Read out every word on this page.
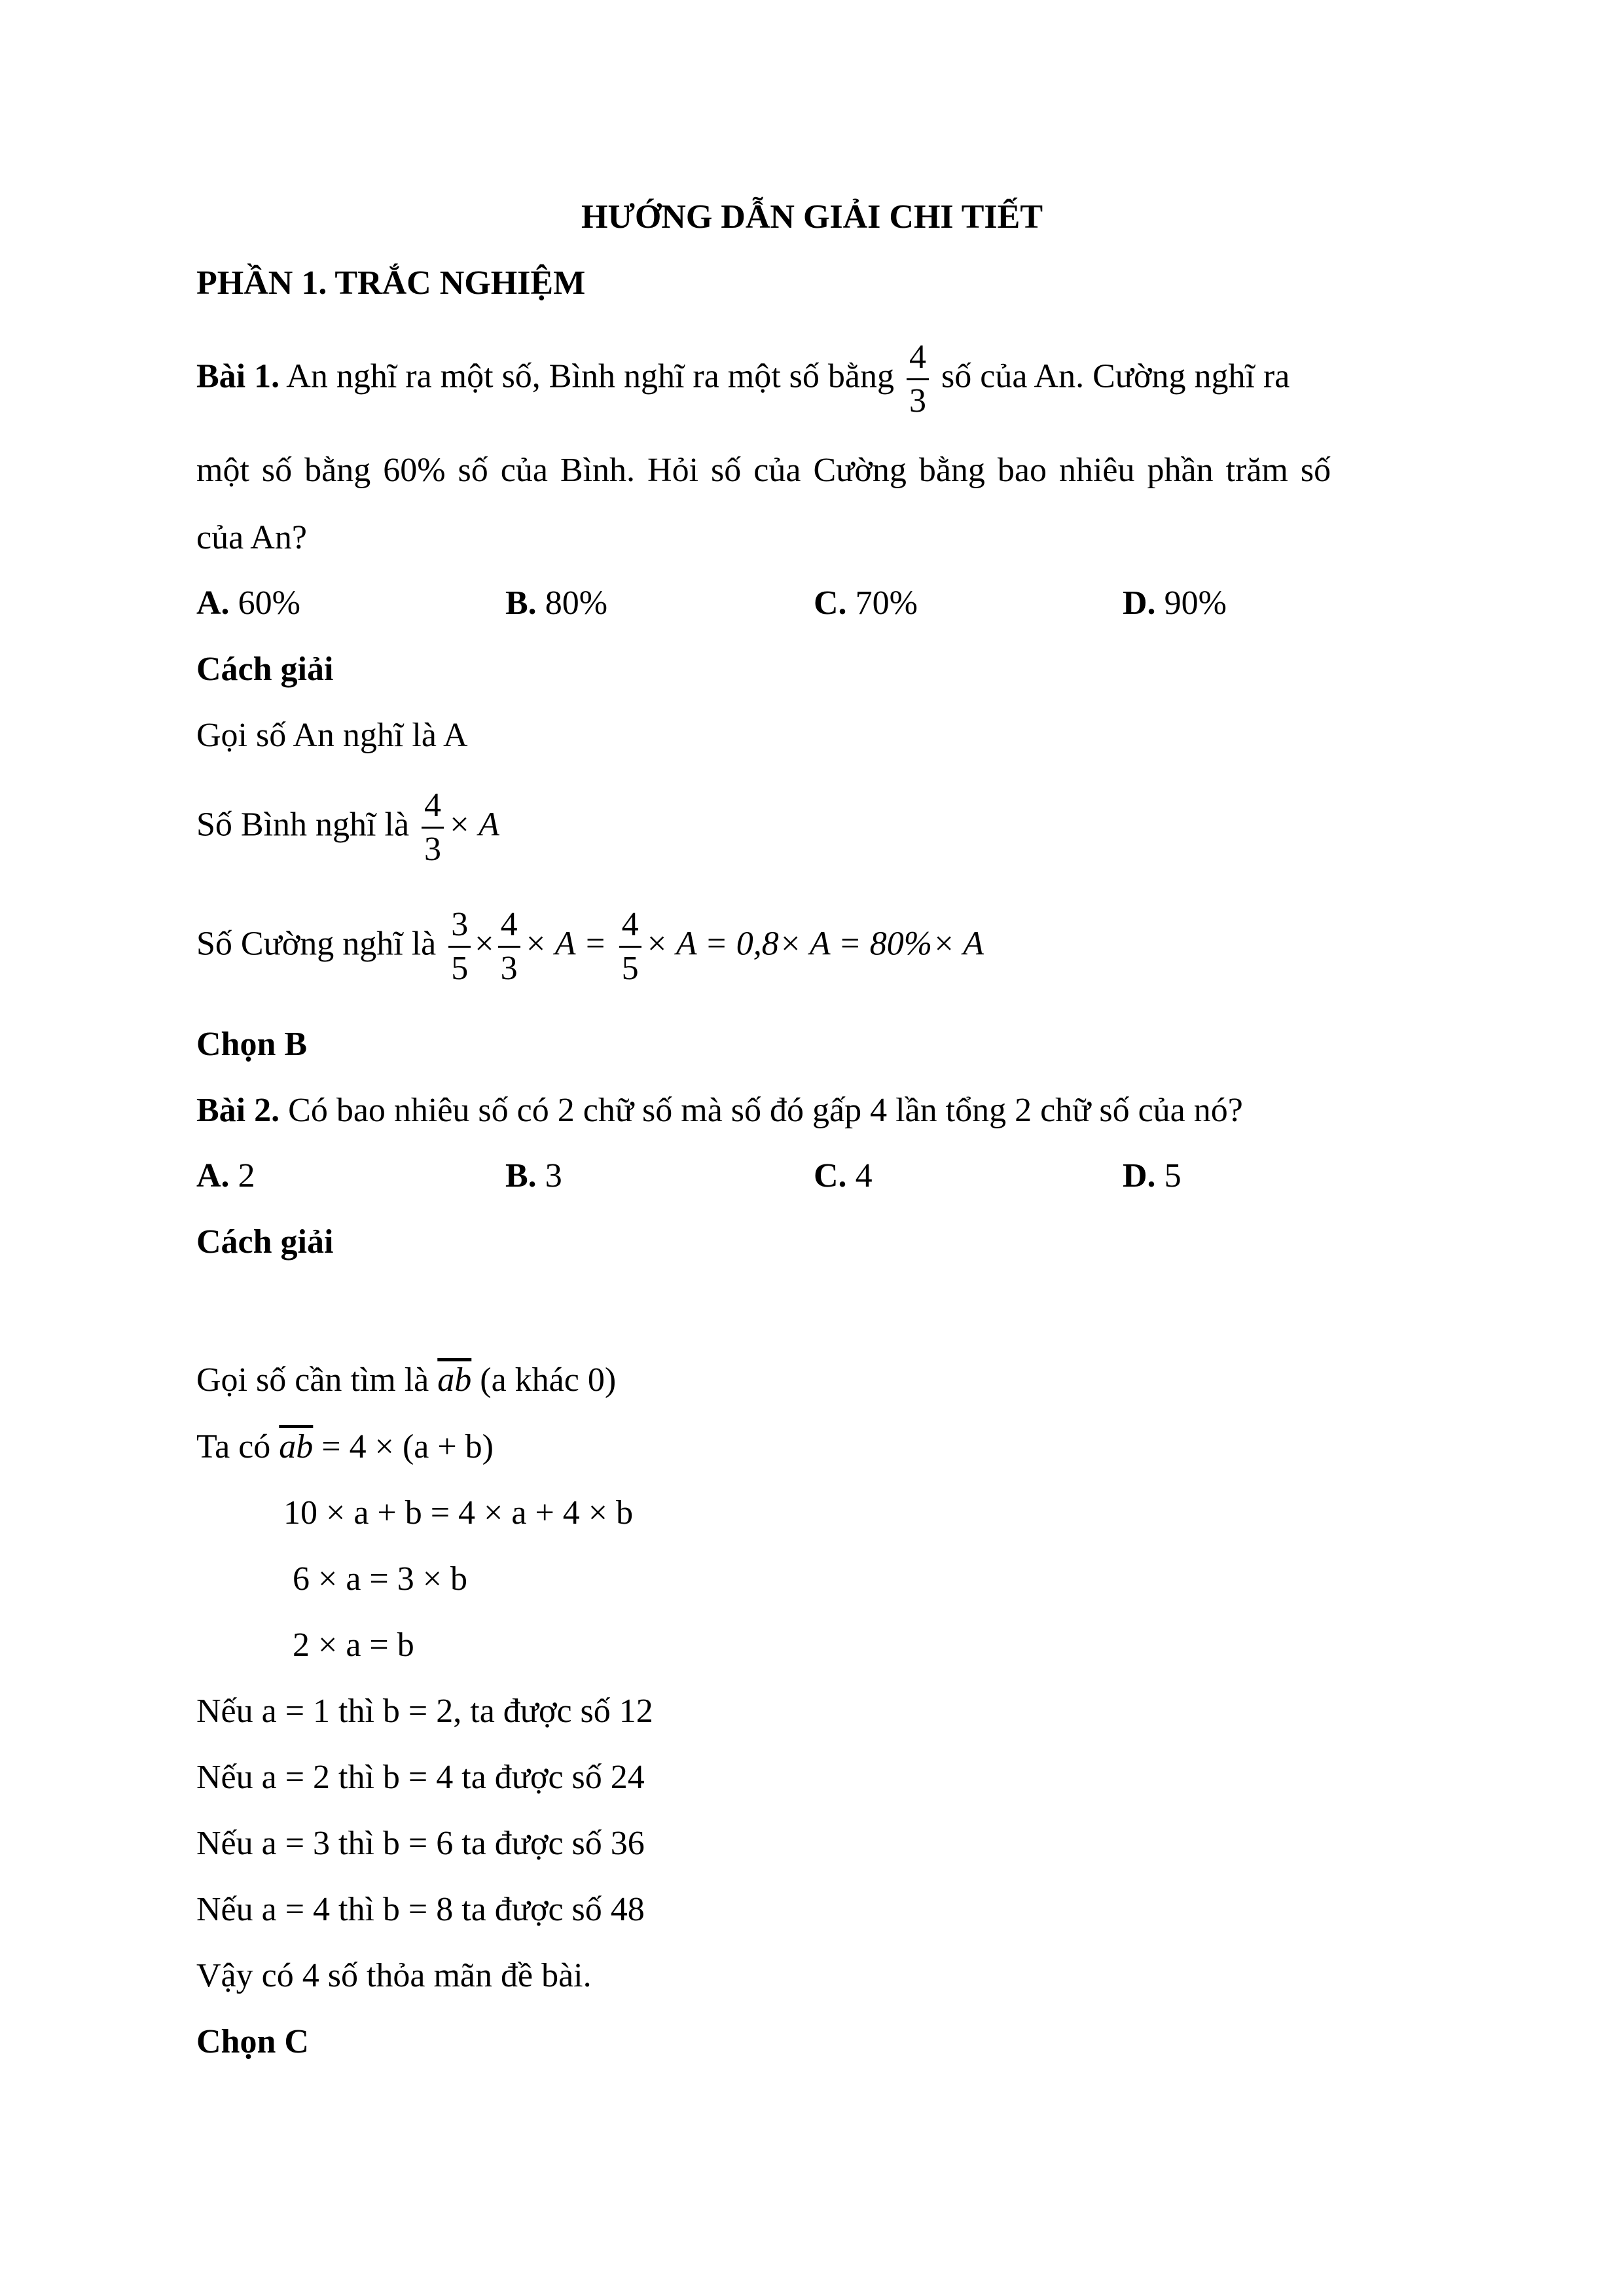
HƯỚNG DẪN GIẢI CHI TIẾT
PHẦN 1. TRẮC NGHIỆM
Bài 1. An nghĩ ra một số, Bình nghĩ ra một số bằng $\frac{4}{3}$ số của An. Cường nghĩ ra
một số bằng 60% số của Bình. Hỏi số của Cường bằng bao nhiêu phần trăm số
của An?
A. 60%	B. 80%	C. 70%	D. 90%
Cách giải
Gọi số An nghĩ là A
Số Bình nghĩ là $\frac{4}{3} \times A$
Số Cường nghĩ là $\frac{3}{5} \times \frac{4}{3} \times A = \frac{4}{5} \times A = 0,8\times A = 80\%\times A$
Chọn B
Bài 2. Có bao nhiêu số có 2 chữ số mà số đó gấp 4 lần tổng 2 chữ số của nó?
A. 2	B. 3	C. 4	D. 5
Cách giải
Gọi số cần tìm là $\overline{ab}$ (a khác 0)
Ta có $\overline{ab} = 4 \times (a + b)$
10 × a + b = 4 × a + 4 × b
6 × a = 3 × b
2 × a = b
Nếu a = 1 thì b = 2, ta được số 12
Nếu a = 2 thì b = 4 ta được số 24
Nếu a = 3 thì b = 6 ta được số 36
Nếu a = 4 thì b = 8 ta được số 48
Vậy có 4 số thỏa mãn đề bài.
Chọn C
